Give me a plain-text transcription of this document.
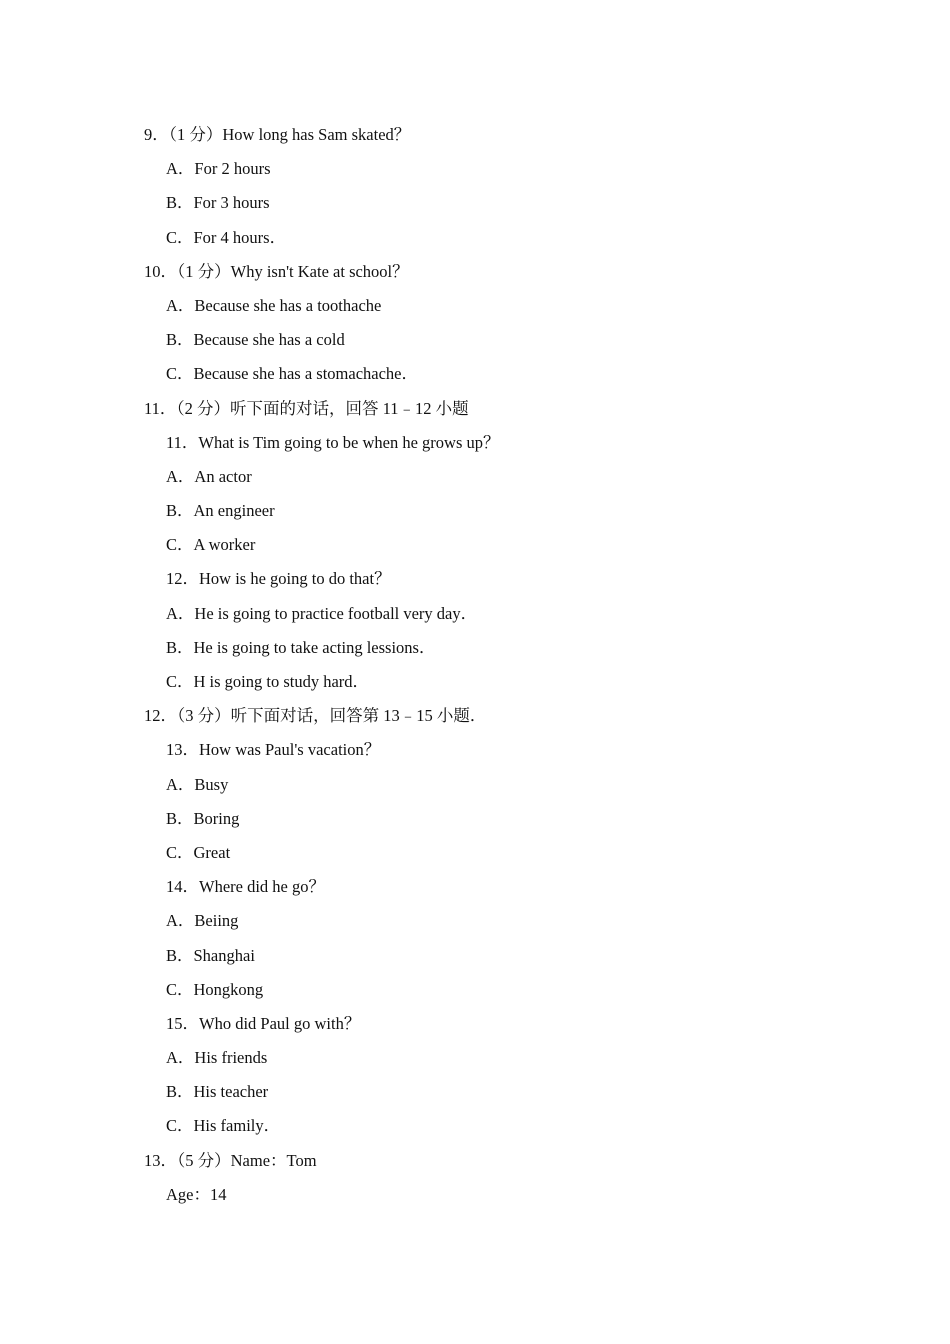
9．（1 分）How long has Sam skated？
A．For 2 hours
B．For 3 hours
C．For 4 hours．
10．（1 分）Why isn't Kate at school？
A．Because she has a toothache
B．Because she has a cold
C．Because she has a stomachache．
11．（2 分）听下面的对话，回答 11﹣12 小题
11．What is Tim going to be when he grows up？
A．An actor
B．An engineer
C．A worker
12．How is he going to do that？
A．He is going to practice football very day．
B．He is going to take acting lessions．
C．H is going to study hard．
12．（3 分）听下面对话，回答第 13﹣15 小题．
13．How was Paul's vacation？
A．Busy
B．Boring
C．Great
14．Where did he go？
A．Beiing
B．Shanghai
C．Hongkong
15．Who did Paul go with？
A．His friends
B．His teacher
C．His family．
13．（5 分）Name：Tom
Age：14
